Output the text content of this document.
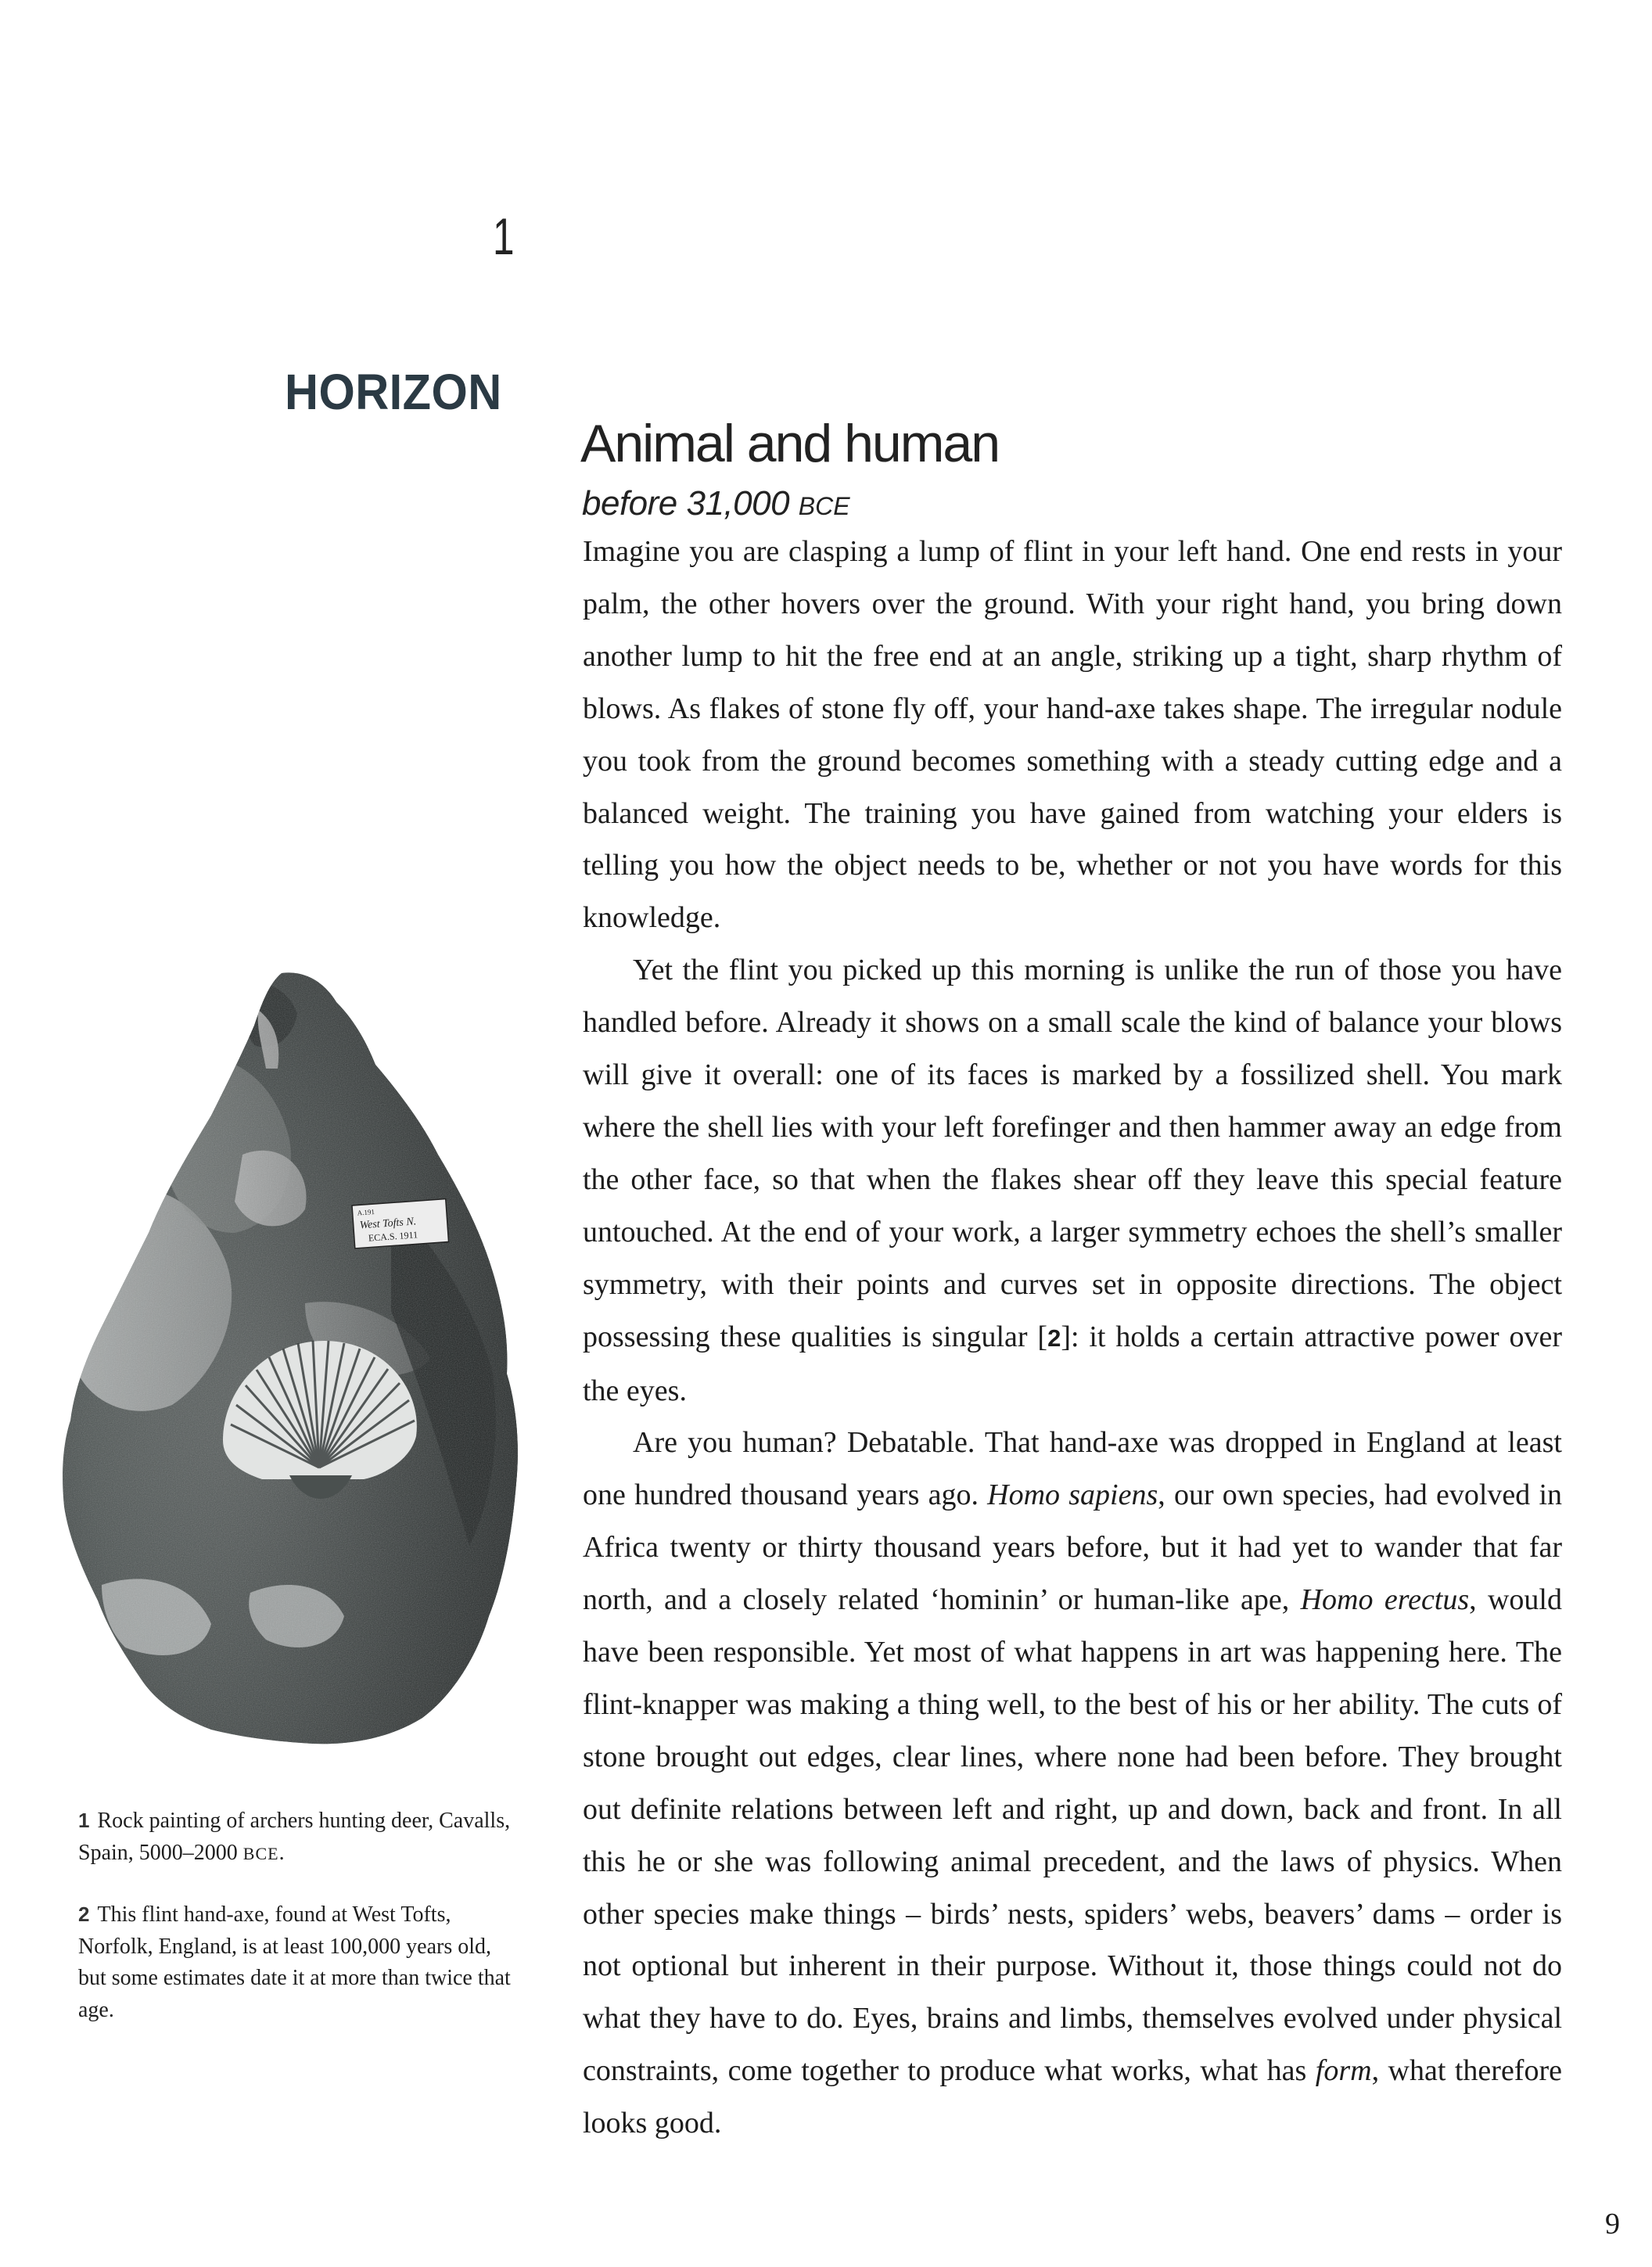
1
HORIZON
Animal and human
before 31,000 BCE

Imagine you are clasping a lump of flint in your left hand. One end rests in your palm, the other hovers over the ground. With your right hand, you bring down another lump to hit the free end at an angle, striking up a tight, sharp rhythm of blows. As flakes of stone fly off, your hand-axe takes shape. The irregular nodule you took from the ground becomes something with a steady cutting edge and a balanced weight. The training you have gained from watching your elders is telling you how the object needs to be, whether or not you have words for this knowledge.

Yet the flint you picked up this morning is unlike the run of those you have handled before. Already it shows on a small scale the kind of balance your blows will give it overall: one of its faces is marked by a fossilized shell. You mark where the shell lies with your left forefinger and then hammer away an edge from the other face, so that when the flakes shear off they leave this special feature untouched. At the end of your work, a larger symmetry echoes the shell’s smaller symmetry, with their points and curves set in opposite directions. The object possessing these qualities is singular [2]: it holds a certain attractive power over the eyes.

Are you human? Debatable. That hand-axe was dropped in England at least one hundred thousand years ago. Homo sapiens, our own species, had evolved in Africa twenty or thirty thousand years before, but it had yet to wander that far north, and a closely related ‘hominin’ or human-like ape, Homo erectus, would have been responsible. Yet most of what happens in art was happening here. The flint-knapper was making a thing well, to the best of his or her ability. The cuts of stone brought out edges, clear lines, where none had been before. They brought out definite relations between left and right, up and down, back and front. In all this he or she was following animal precedent, and the laws of physics. When other species make things – birds’ nests, spiders’ webs, beavers’ dams – order is not optional but inherent in their purpose. Without it, those things could not do what they have to do. Eyes, brains and limbs, themselves evolved under physical constraints, come together to produce what works, what has form, what therefore looks good.

A.191
West Tofts N.
ECA.S. 1911

1 Rock painting of archers hunting deer, Cavalls, Spain, 5000–2000 BCE.

2 This flint hand-axe, found at West Tofts, Norfolk, England, is at least 100,000 years old, but some estimates date it at more than twice that age.

9
